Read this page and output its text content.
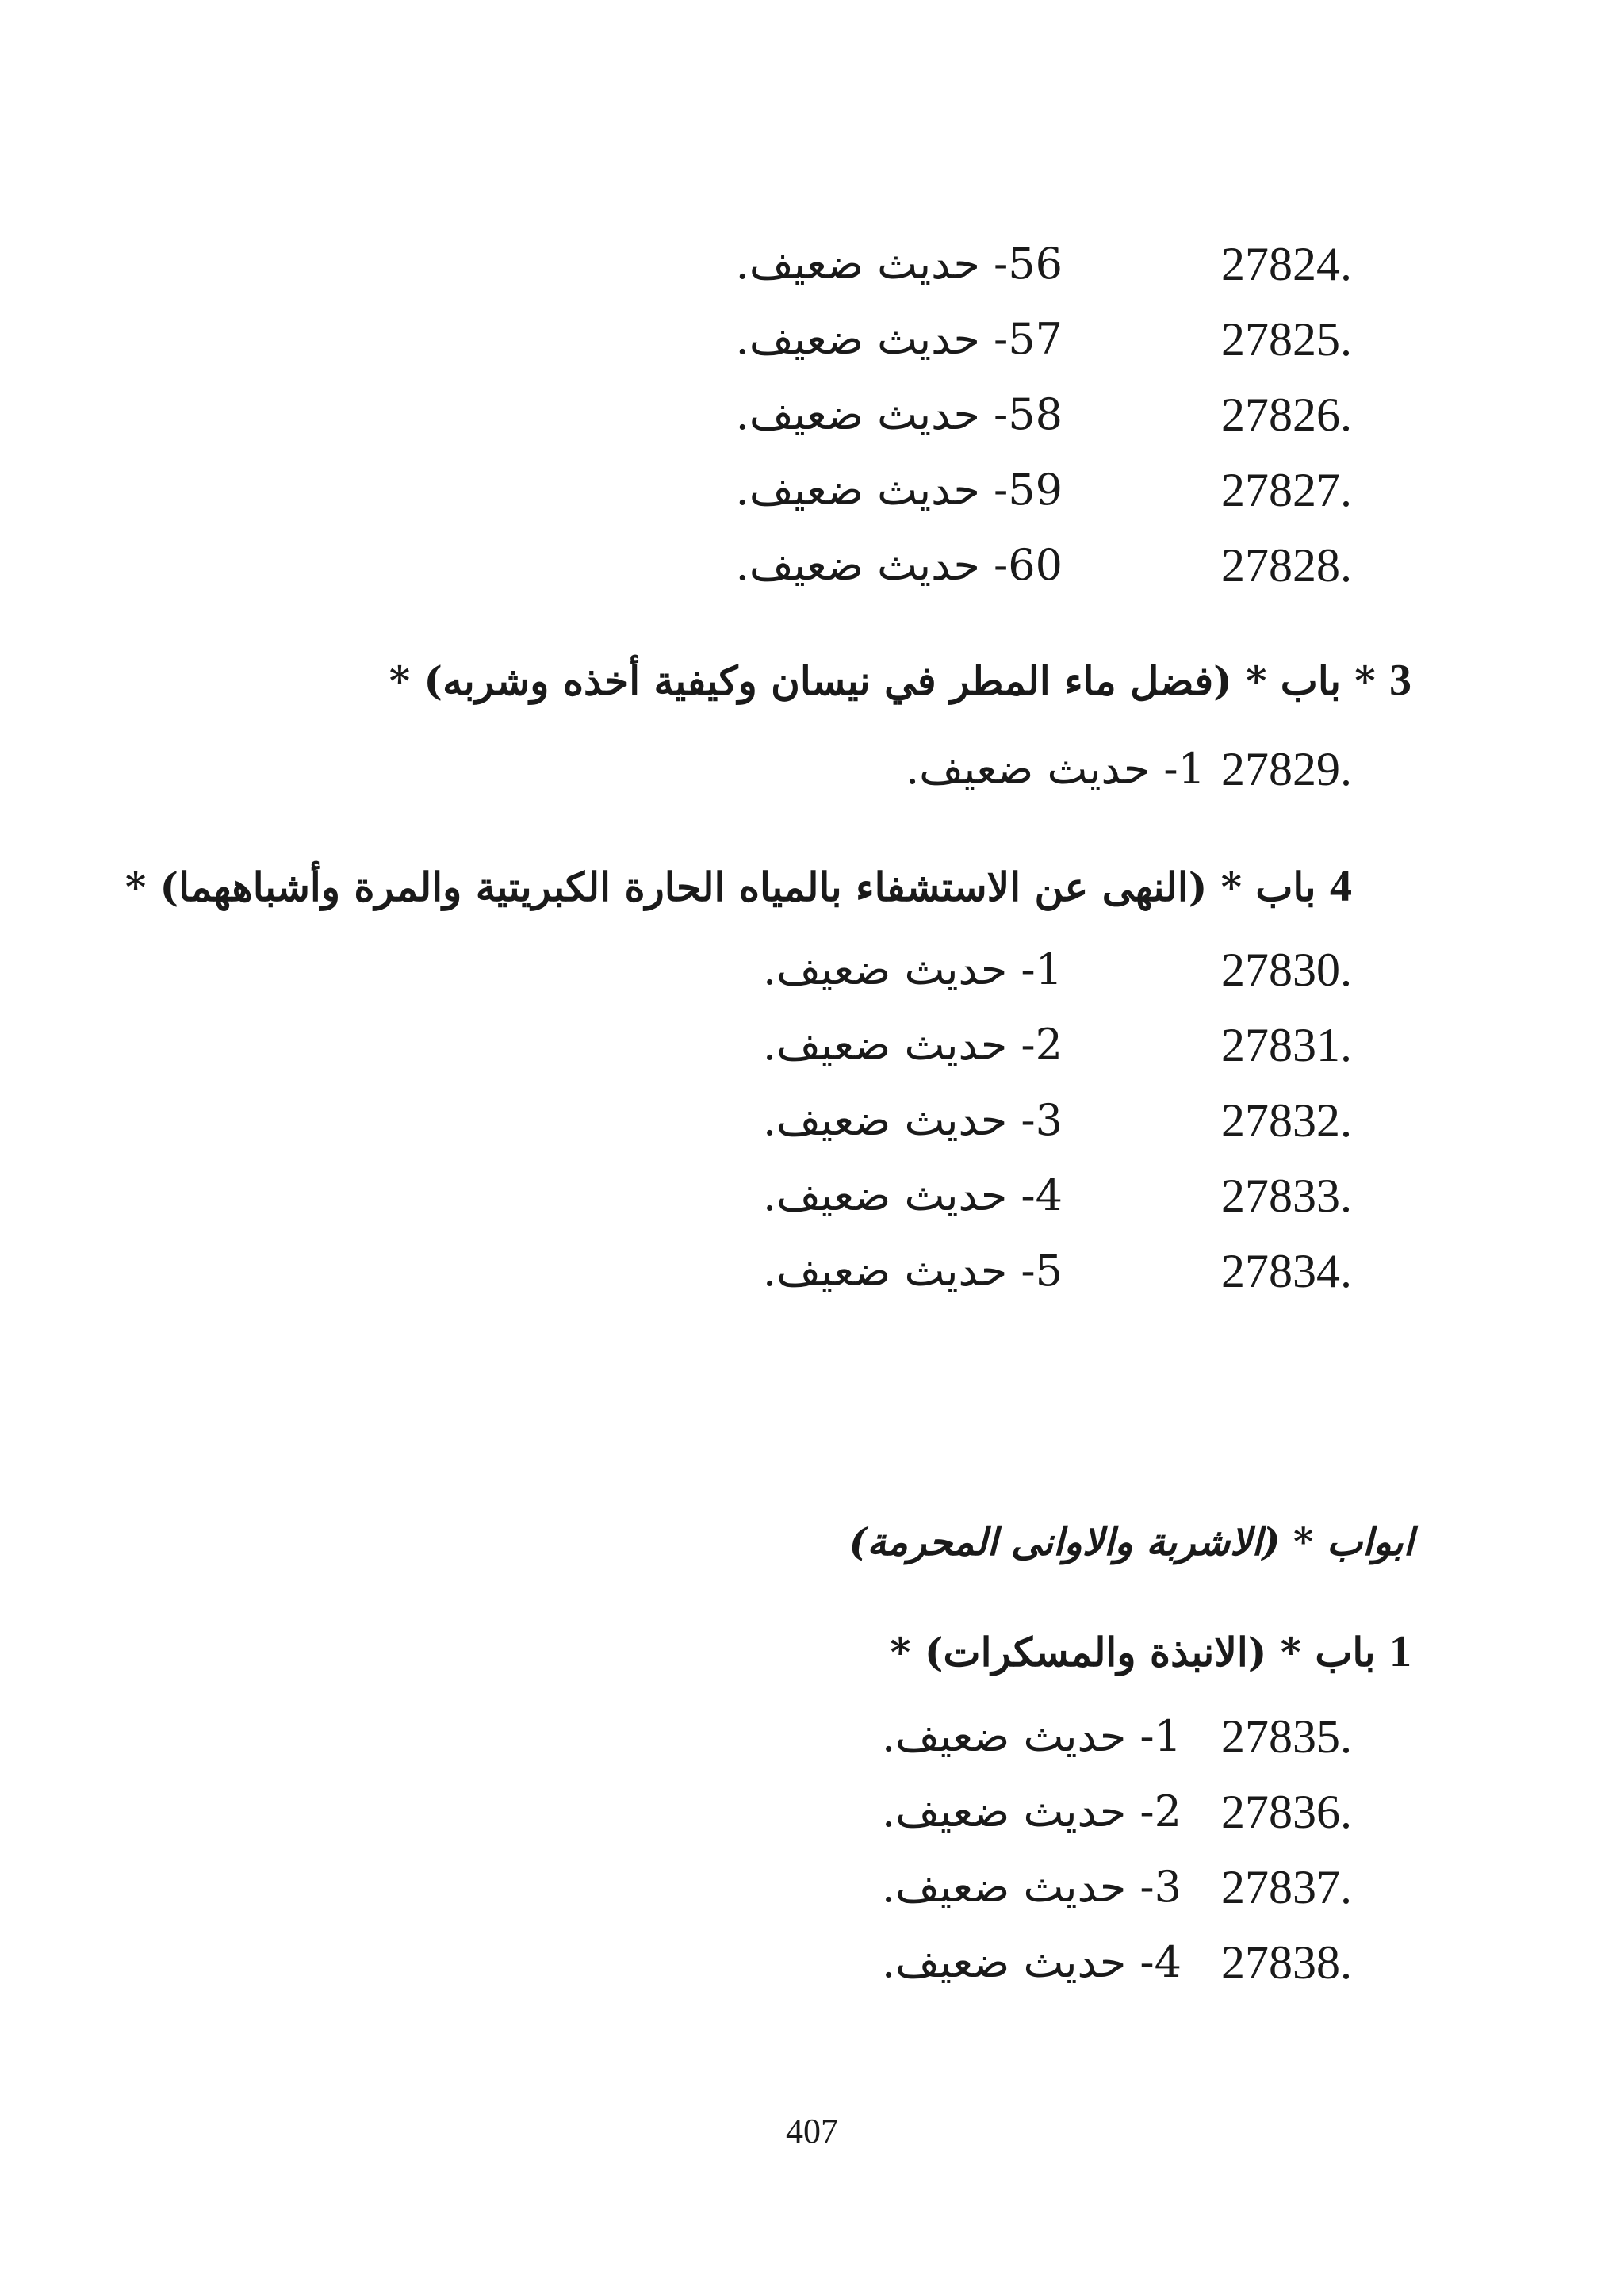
27824.
56- حديث ضعيف.
27825.
57- حديث ضعيف.
27826.
58- حديث ضعيف.
27827.
59- حديث ضعيف.
27828.
60- حديث ضعيف.
3 * باب * (فضل ماء المطر في نيسان وكيفية أخذه وشربه) *
27829.
1- حديث ضعيف.
4 باب * (النهى عن الاستشفاء بالمياه الحارة الكبريتية والمرة وأشباههما) *
27830.
1- حديث ضعيف.
27831.
2- حديث ضعيف.
27832.
3- حديث ضعيف.
27833.
4- حديث ضعيف.
27834.
5- حديث ضعيف.
ابواب * (الاشربة والاوانى المحرمة)
1 باب * (الانبذة والمسكرات) *
27835.
1- حديث ضعيف.
27836.
2- حديث ضعيف.
27837.
3- حديث ضعيف.
27838.
4- حديث ضعيف.
407
